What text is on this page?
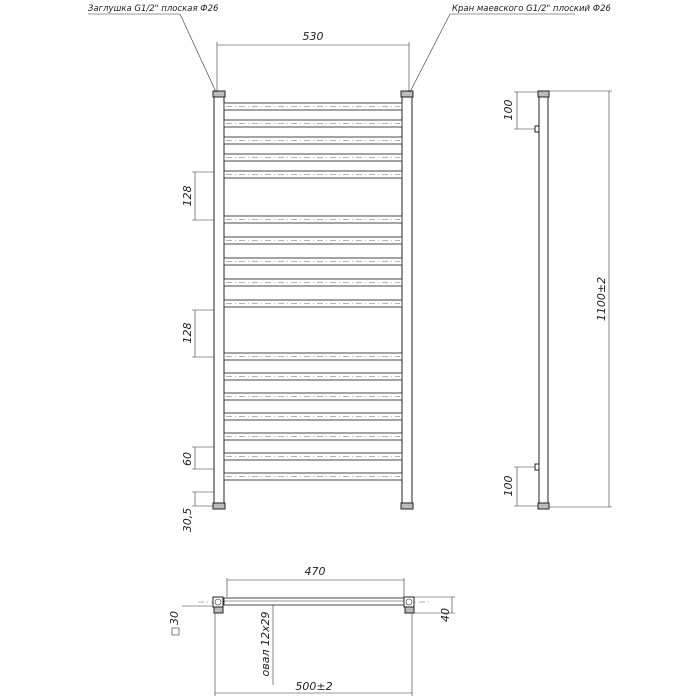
Заглушка G1/2" плоская Ф26	Кран маевского G1/2" плоский Ф26
530
128
128
60
30,5
100
100
1100±2
470
500±2
40
30	овал 12х29
